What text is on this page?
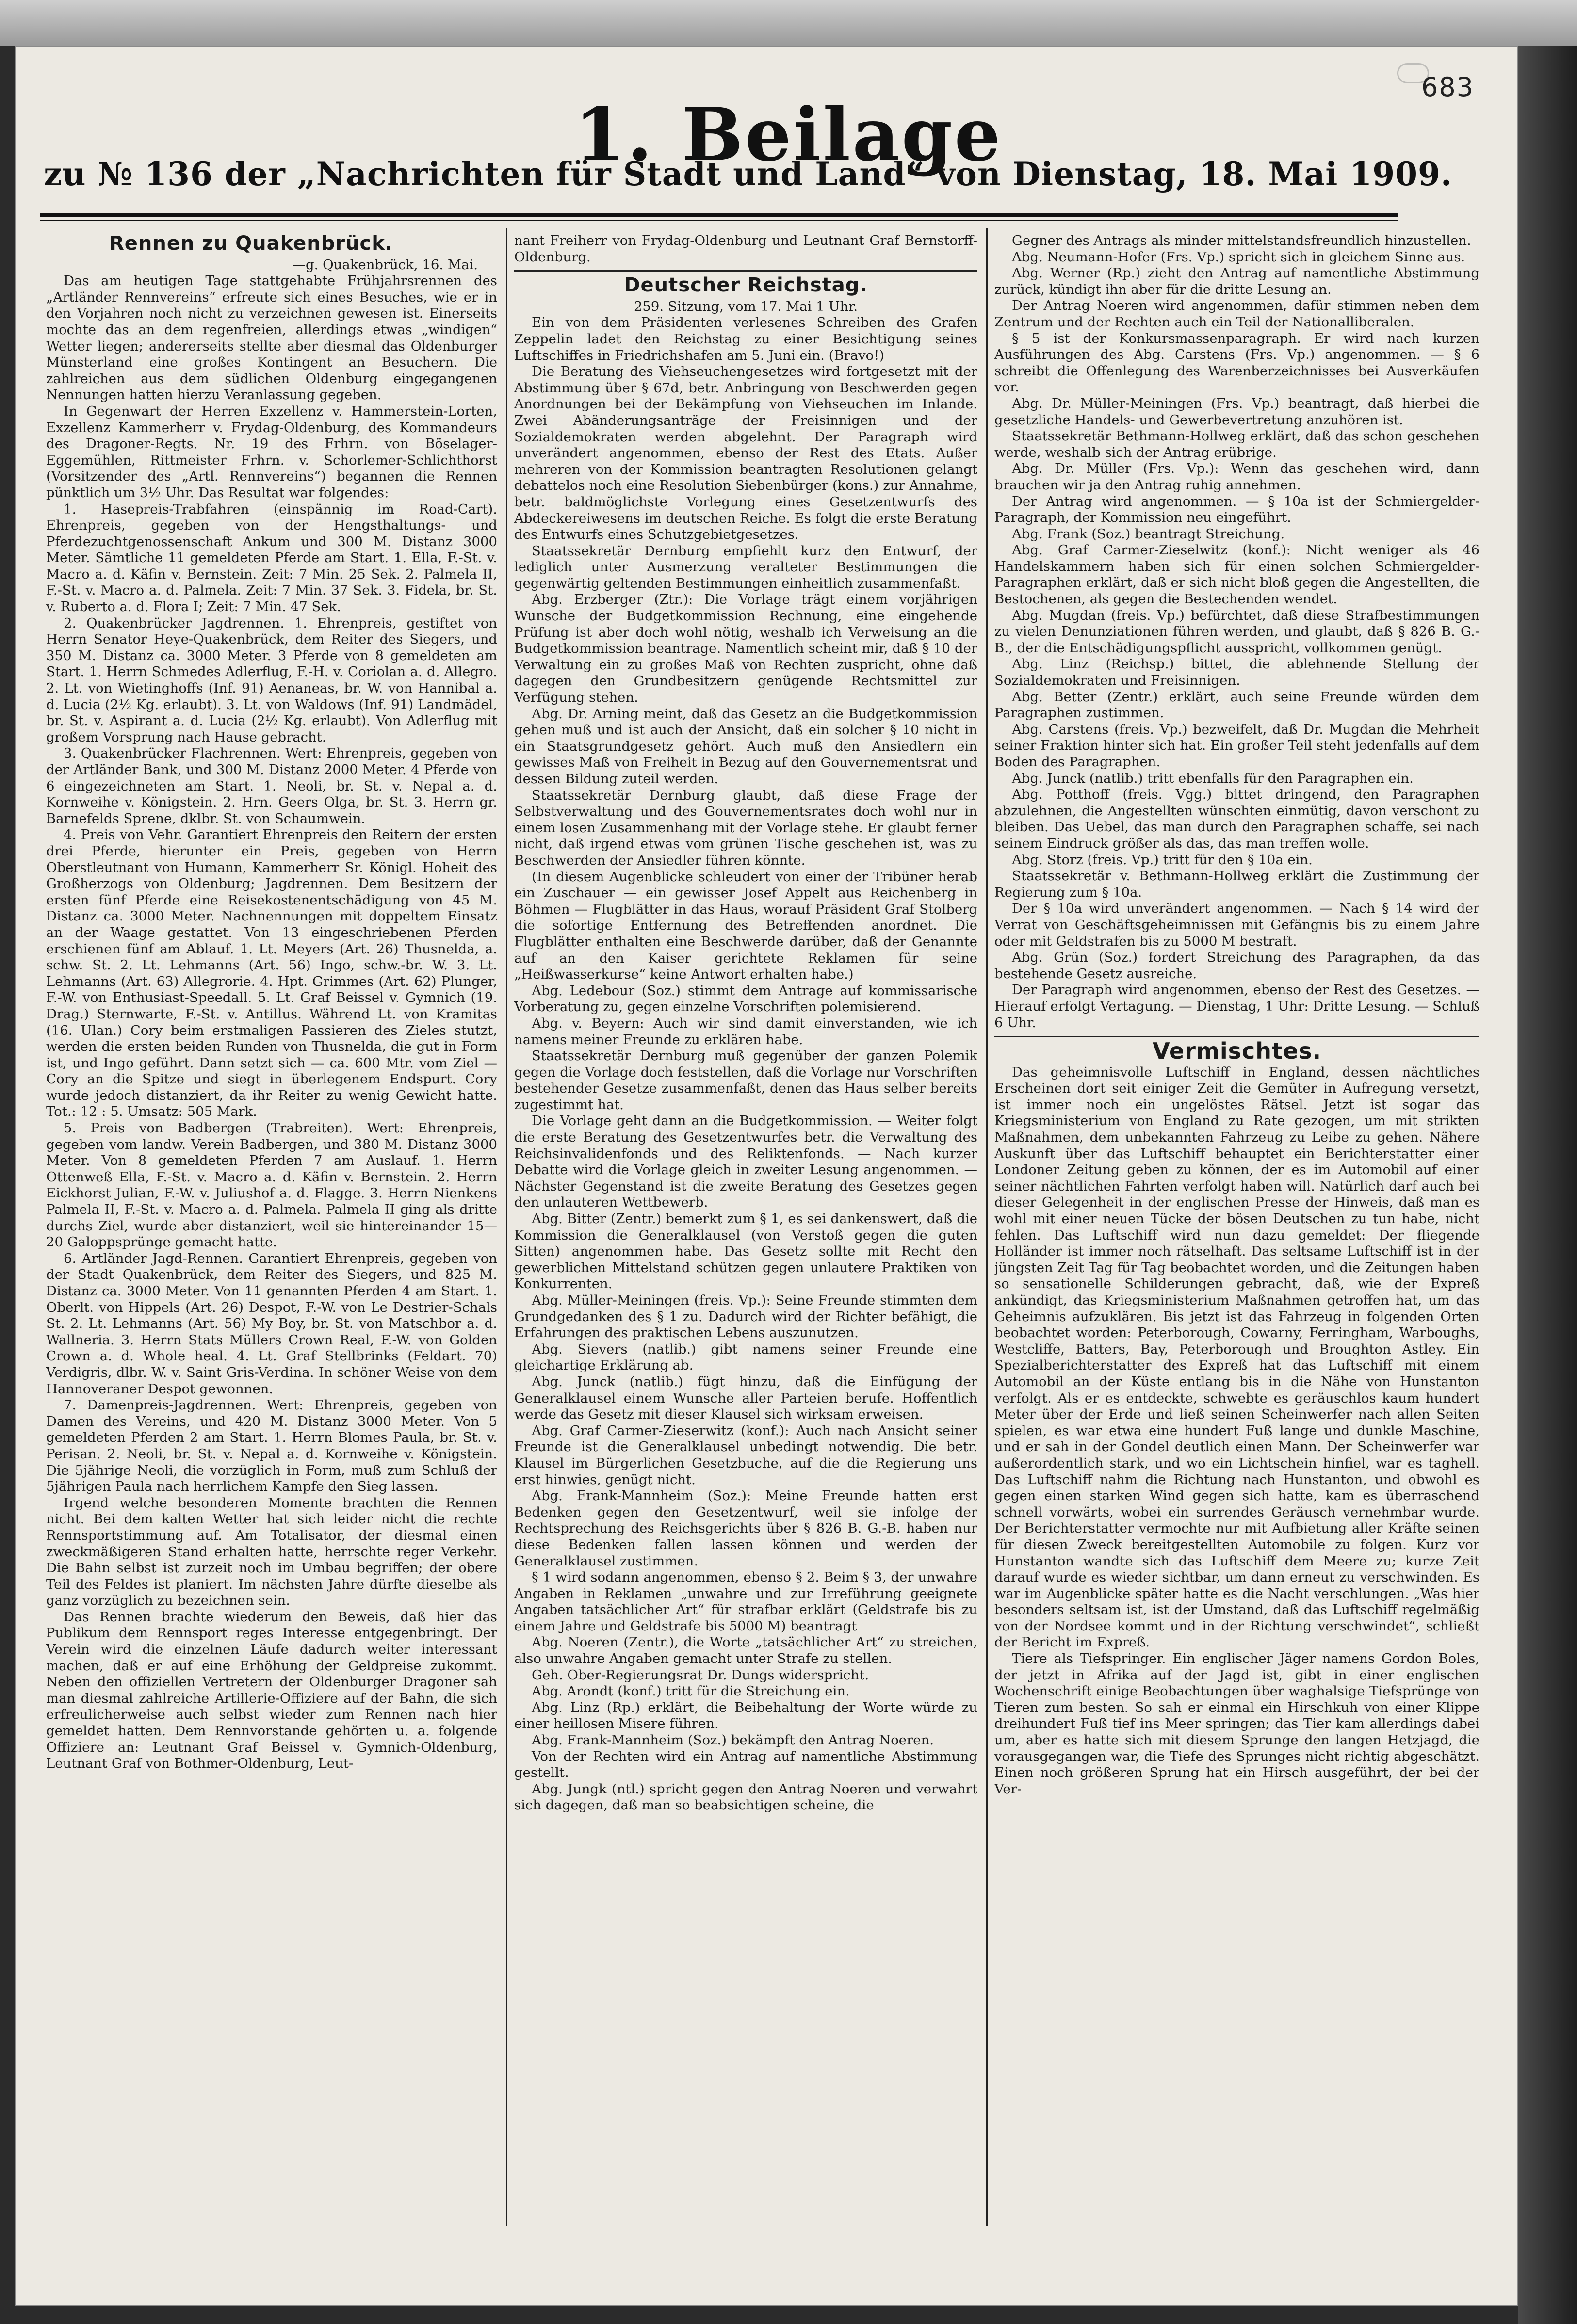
683
1. Beilage
zu № 136 der „Nachrichten für Stadt und Land“ von Dienstag, 18. Mai 1909.
Rennen zu Quakenbrück.

—g. Quakenbrück, 16. Mai.

Das am heutigen Tage stattgehabte Frühjahrsrennen des „Artländer Rennvereins“ erfreute sich eines Besuches, wie er in den Vorjahren noch nicht zu verzeichnen gewesen ist. Einerseits mochte das an dem regenfreien, allerdings etwas „windigen“ Wetter liegen; andererseits stellte aber diesmal das Oldenburger Münsterland eine großes Kontingent an Besuchern. Die zahlreichen aus dem südlichen Oldenburg eingegangenen Nennungen hatten hierzu Veranlassung gegeben.

In Gegenwart der Herren Exzellenz v. Hammerstein-Lorten, Exzellenz Kammerherr v. Frydag-Oldenburg, des Kommandeurs des Dragoner-Regts. Nr. 19 des Frhrn. von Böselager-Eggemühlen, Rittmeister Frhrn. v. Schorlemer-Schlichthorst (Vorsitzender des „Artl. Rennvereins“) begannen die Rennen pünktlich um 3½ Uhr. Das Resultat war folgendes:

1. Hasepreis-Trabfahren (einspännig im Road-Cart). Ehrenpreis, gegeben von der Hengsthaltungs- und Pferdezuchtgenossenschaft Ankum und 300 M. Distanz 3000 Meter. Sämtliche 11 gemeldeten Pferde am Start. 1. Ella, F.-St. v. Macro a. d. Käfin v. Bernstein. Zeit: 7 Min. 25 Sek. 2. Palmela II, F.-St. v. Macro a. d. Palmela. Zeit: 7 Min. 37 Sek. 3. Fidela, br. St. v. Ruberto a. d. Flora I; Zeit: 7 Min. 47 Sek.

2. Quakenbrücker Jagdrennen. 1. Ehrenpreis, gestiftet von Herrn Senator Heye-Quakenbrück, dem Reiter des Siegers, und 350 M. Distanz ca. 3000 Meter. 3 Pferde von 8 gemeldeten am Start. 1. Herrn Schmedes Adlerflug, F.-H. v. Coriolan a. d. Allegro. 2. Lt. von Wietinghoffs (Inf. 91) Aenaneas, br. W. von Hannibal a. d. Lucia (2½ Kg. erlaubt). 3. Lt. von Waldows (Inf. 91) Landmädel, br. St. v. Aspirant a. d. Lucia (2½ Kg. erlaubt). Von Adlerflug mit großem Vorsprung nach Hause gebracht.

3. Quakenbrücker Flachrennen. Wert: Ehrenpreis, gegeben von der Artländer Bank, und 300 M. Distanz 2000 Meter. 4 Pferde von 6 eingezeichneten am Start. 1. Neoli, br. St. v. Nepal a. d. Kornweihe v. Königstein. 2. Hrn. Geers Olga, br. St. 3. Herrn gr. Barnefelds Sprene, dklbr. St. von Schaumwein.

4. Preis von Vehr. Garantiert Ehrenpreis den Reitern der ersten drei Pferde, hierunter ein Preis, gegeben von Herrn Oberstleutnant von Humann, Kammerherr Sr. Königl. Hoheit des Großherzogs von Oldenburg; Jagdrennen. Dem Besitzern der ersten fünf Pferde eine Reisekostenentschädigung von 45 M. Distanz ca. 3000 Meter. Nachnennungen mit doppeltem Einsatz an der Waage gestattet. Von 13 eingeschriebenen Pferden erschienen fünf am Ablauf. 1. Lt. Meyers (Art. 26) Thusnelda, a. schw. St. 2. Lt. Lehmanns (Art. 56) Ingo, schw.-br. W. 3. Lt. Lehmanns (Art. 63) Allegrorie. 4. Hpt. Grimmes (Art. 62) Plunger, F.-W. von Enthusiast-Speedall. 5. Lt. Graf Beissel v. Gymnich (19. Drag.) Sternwarte, F.-St. v. Antillus. Während Lt. von Kramitas (16. Ulan.) Cory beim erstmaligen Passieren des Zieles stutzt, werden die ersten beiden Runden von Thusnelda, die gut in Form ist, und Ingo geführt. Dann setzt sich — ca. 600 Mtr. vom Ziel — Cory an die Spitze und siegt in überlegenem Endspurt. Cory wurde jedoch distanziert, da ihr Reiter zu wenig Gewicht hatte. Tot.: 12 : 5. Umsatz: 505 Mark.

5. Preis von Badbergen (Trabreiten). Wert: Ehrenpreis, gegeben vom landw. Verein Badbergen, und 380 M. Distanz 3000 Meter. Von 8 gemeldeten Pferden 7 am Auslauf. 1. Herrn Ottenweß Ella, F.-St. v. Macro a. d. Käfin v. Bernstein. 2. Herrn Eickhorst Julian, F.-W. v. Juliushof a. d. Flagge. 3. Herrn Nienkens Palmela II, F.-St. v. Macro a. d. Palmela. Palmela II ging als dritte durchs Ziel, wurde aber distanziert, weil sie hintereinander 15—20 Galoppsprünge gemacht hatte.

6. Artländer Jagd-Rennen. Garantiert Ehrenpreis, gegeben von der Stadt Quakenbrück, dem Reiter des Siegers, und 825 M. Distanz ca. 3000 Meter. Von 11 genannten Pferden 4 am Start. 1. Oberlt. von Hippels (Art. 26) Despot, F.-W. von Le Destrier-Schals St. 2. Lt. Lehmanns (Art. 56) My Boy, br. St. von Matschbor a. d. Wallneria. 3. Herrn Stats Müllers Crown Real, F.-W. von Golden Crown a. d. Whole heal. 4. Lt. Graf Stellbrinks (Feldart. 70) Verdigris, dlbr. W. v. Saint Gris-Verdina. In schöner Weise von dem Hannoveraner Despot gewonnen.

7. Damenpreis-Jagdrennen. Wert: Ehrenpreis, gegeben von Damen des Vereins, und 420 M. Distanz 3000 Meter. Von 5 gemeldeten Pferden 2 am Start. 1. Herrn Blomes Paula, br. St. v. Perisan. 2. Neoli, br. St. v. Nepal a. d. Kornweihe v. Königstein. Die 5jährige Neoli, die vorzüglich in Form, muß zum Schluß der 5jährigen Paula nach herrlichem Kampfe den Sieg lassen.

Irgend welche besonderen Momente brachten die Rennen nicht. Bei dem kalten Wetter hat sich leider nicht die rechte Rennsportstimmung auf. Am Totalisator, der diesmal einen zweckmäßigeren Stand erhalten hatte, herrschte reger Verkehr. Die Bahn selbst ist zurzeit noch im Umbau begriffen; der obere Teil des Feldes ist planiert. Im nächsten Jahre dürfte dieselbe als ganz vorzüglich zu bezeichnen sein.

Das Rennen brachte wiederum den Beweis, daß hier das Publikum dem Rennsport reges Interesse entgegenbringt. Der Verein wird die einzelnen Läufe dadurch weiter interessant machen, daß er auf eine Erhöhung der Geldpreise zukommt. Neben den offiziellen Vertretern der Oldenburger Dragoner sah man diesmal zahlreiche Artillerie-Offiziere auf der Bahn, die sich erfreulicherweise auch selbst wieder zum Rennen nach hier gemeldet hatten. Dem Rennvorstande gehörten u. a. folgende Offiziere an: Leutnant Graf Beissel v. Gymnich-Oldenburg, Leutnant Graf von Bothmer-Oldenburg, Leut-

nant Freiherr von Frydag-Oldenburg und Leutnant Graf Bernstorff-Oldenburg.

Deutscher Reichstag.

259. Sitzung, vom 17. Mai 1 Uhr.

Ein von dem Präsidenten verlesenes Schreiben des Grafen Zeppelin ladet den Reichstag zu einer Besichtigung seines Luftschiffes in Friedrichshafen am 5. Juni ein. (Bravo!)

Die Beratung des Viehseuchengesetzes wird fortgesetzt mit der Abstimmung über § 67d, betr. Anbringung von Beschwerden gegen Anordnungen bei der Bekämpfung von Viehseuchen im Inlande. Zwei Abänderungsanträge der Freisinnigen und der Sozialdemokraten werden abgelehnt. Der Paragraph wird unverändert angenommen, ebenso der Rest des Etats. Außer mehreren von der Kommission beantragten Resolutionen gelangt debattelos noch eine Resolution Siebenbürger (kons.) zur Annahme, betr. baldmöglichste Vorlegung eines Gesetzentwurfs des Abdeckereiwesens im deutschen Reiche. Es folgt die erste Beratung des Entwurfs eines Schutzgebietgesetzes.

Staatssekretär Dernburg empfiehlt kurz den Entwurf, der lediglich unter Ausmerzung veralteter Bestimmungen die gegenwärtig geltenden Bestimmungen einheitlich zusammenfaßt.

Abg. Erzberger (Ztr.): Die Vorlage trägt einem vorjährigen Wunsche der Budgetkommission Rechnung, eine eingehende Prüfung ist aber doch wohl nötig, weshalb ich Verweisung an die Budgetkommission beantrage. Namentlich scheint mir, daß § 10 der Verwaltung ein zu großes Maß von Rechten zuspricht, ohne daß dagegen den Grundbesitzern genügende Rechtsmittel zur Verfügung stehen.

Abg. Dr. Arning meint, daß das Gesetz an die Budgetkommission gehen muß und ist auch der Ansicht, daß ein solcher § 10 nicht in ein Staatsgrundgesetz gehört. Auch muß den Ansiedlern ein gewisses Maß von Freiheit in Bezug auf den Gouvernementsrat und dessen Bildung zuteil werden.

Staatssekretär Dernburg glaubt, daß diese Frage der Selbstverwaltung und des Gouvernementsrates doch wohl nur in einem losen Zusammenhang mit der Vorlage stehe. Er glaubt ferner nicht, daß irgend etwas vom grünen Tische geschehen ist, was zu Beschwerden der Ansiedler führen könnte.

(In diesem Augenblicke schleudert von einer der Tribüner herab ein Zuschauer — ein gewisser Josef Appelt aus Reichenberg in Böhmen — Flugblätter in das Haus, worauf Präsident Graf Stolberg die sofortige Entfernung des Betreffenden anordnet. Die Flugblätter enthalten eine Beschwerde darüber, daß der Genannte auf an den Kaiser gerichtete Reklamen für seine „Heißwasserkurse“ keine Antwort erhalten habe.)

Abg. Ledebour (Soz.) stimmt dem Antrage auf kommissarische Vorberatung zu, gegen einzelne Vorschriften polemisierend.

Abg. v. Beyern: Auch wir sind damit einverstanden, wie ich namens meiner Freunde zu erklären habe.

Staatssekretär Dernburg muß gegenüber der ganzen Polemik gegen die Vorlage doch feststellen, daß die Vorlage nur Vorschriften bestehender Gesetze zusammenfaßt, denen das Haus selber bereits zugestimmt hat.

Die Vorlage geht dann an die Budgetkommission. — Weiter folgt die erste Beratung des Gesetzentwurfes betr. die Verwaltung des Reichsinvalidenfonds und des Reliktenfonds. — Nach kurzer Debatte wird die Vorlage gleich in zweiter Lesung angenommen. — Nächster Gegenstand ist die zweite Beratung des Gesetzes gegen den unlauteren Wettbewerb.

Abg. Bitter (Zentr.) bemerkt zum § 1, es sei dankenswert, daß die Kommission die Generalklausel (von Verstoß gegen die guten Sitten) angenommen habe. Das Gesetz sollte mit Recht den gewerblichen Mittelstand schützen gegen unlautere Praktiken von Konkurrenten.

Abg. Müller-Meiningen (freis. Vp.): Seine Freunde stimmten dem Grundgedanken des § 1 zu. Dadurch wird der Richter befähigt, die Erfahrungen des praktischen Lebens auszunutzen.

Abg. Sievers (natlib.) gibt namens seiner Freunde eine gleichartige Erklärung ab.

Abg. Junck (natlib.) fügt hinzu, daß die Einfügung der Generalklausel einem Wunsche aller Parteien berufe. Hoffentlich werde das Gesetz mit dieser Klausel sich wirksam erweisen.

Abg. Graf Carmer-Zieserwitz (konf.): Auch nach Ansicht seiner Freunde ist die Generalklausel unbedingt notwendig. Die betr. Klausel im Bürgerlichen Gesetzbuche, auf die die Regierung uns erst hinwies, genügt nicht.

Abg. Frank-Mannheim (Soz.): Meine Freunde hatten erst Bedenken gegen den Gesetzentwurf, weil sie infolge der Rechtsprechung des Reichsgerichts über § 826 B. G.-B. haben nur diese Bedenken fallen lassen können und werden der Generalklausel zustimmen.

§ 1 wird sodann angenommen, ebenso § 2. Beim § 3, der unwahre Angaben in Reklamen „unwahre und zur Irreführung geeignete Angaben tatsächlicher Art“ für strafbar erklärt (Geldstrafe bis zu einem Jahre und Geldstrafe bis 5000 M) beantragt

Abg. Noeren (Zentr.), die Worte „tatsächlicher Art“ zu streichen, also unwahre Angaben gemacht unter Strafe zu stellen.

Geh. Ober-Regierungsrat Dr. Dungs widerspricht.

Abg. Arondt (konf.) tritt für die Streichung ein.

Abg. Linz (Rp.) erklärt, die Beibehaltung der Worte würde zu einer heillosen Misere führen.

Abg. Frank-Mannheim (Soz.) bekämpft den Antrag Noeren.

Von der Rechten wird ein Antrag auf namentliche Abstimmung gestellt.

Abg. Jungk (ntl.) spricht gegen den Antrag Noeren und verwahrt sich dagegen, daß man so beabsichtigen scheine, die

Gegner des Antrags als minder mittelstandsfreundlich hinzustellen.

Abg. Neumann-Hofer (Frs. Vp.) spricht sich in gleichem Sinne aus.

Abg. Werner (Rp.) zieht den Antrag auf namentliche Abstimmung zurück, kündigt ihn aber für die dritte Lesung an.

Der Antrag Noeren wird angenommen, dafür stimmen neben dem Zentrum und der Rechten auch ein Teil der Nationalliberalen.

§ 5 ist der Konkursmassenparagraph. Er wird nach kurzen Ausführungen des Abg. Carstens (Frs. Vp.) angenommen. — § 6 schreibt die Offenlegung des Warenberzeichnisses bei Ausverkäufen vor.

Abg. Dr. Müller-Meiningen (Frs. Vp.) beantragt, daß hierbei die gesetzliche Handels- und Gewerbevertretung anzuhören ist.

Staatssekretär Bethmann-Hollweg erklärt, daß das schon geschehen werde, weshalb sich der Antrag erübrige.

Abg. Dr. Müller (Frs. Vp.): Wenn das geschehen wird, dann brauchen wir ja den Antrag ruhig annehmen.

Der Antrag wird angenommen. — § 10a ist der Schmiergelder-Paragraph, der Kommission neu eingeführt.

Abg. Frank (Soz.) beantragt Streichung.

Abg. Graf Carmer-Zieselwitz (konf.): Nicht weniger als 46 Handelskammern haben sich für einen solchen Schmiergelder-Paragraphen erklärt, daß er sich nicht bloß gegen die Angestellten, die Bestochenen, als gegen die Bestechenden wendet.

Abg. Mugdan (freis. Vp.) befürchtet, daß diese Strafbestimmungen zu vielen Denunziationen führen werden, und glaubt, daß § 826 B. G.-B., der die Entschädigungspflicht ausspricht, vollkommen genügt.

Abg. Linz (Reichsp.) bittet, die ablehnende Stellung der Sozialdemokraten und Freisinnigen.

Abg. Better (Zentr.) erklärt, auch seine Freunde würden dem Paragraphen zustimmen.

Abg. Carstens (freis. Vp.) bezweifelt, daß Dr. Mugdan die Mehrheit seiner Fraktion hinter sich hat. Ein großer Teil steht jedenfalls auf dem Boden des Paragraphen.

Abg. Junck (natlib.) tritt ebenfalls für den Paragraphen ein.

Abg. Potthoff (freis. Vgg.) bittet dringend, den Paragraphen abzulehnen, die Angestellten wünschten einmütig, davon verschont zu bleiben. Das Uebel, das man durch den Paragraphen schaffe, sei nach seinem Eindruck größer als das, das man treffen wolle.

Abg. Storz (freis. Vp.) tritt für den § 10a ein.

Staatssekretär v. Bethmann-Hollweg erklärt die Zustimmung der Regierung zum § 10a.

Der § 10a wird unverändert angenommen. — Nach § 14 wird der Verrat von Geschäftsgeheimnissen mit Gefängnis bis zu einem Jahre oder mit Geldstrafen bis zu 5000 M bestraft.

Abg. Grün (Soz.) fordert Streichung des Paragraphen, da das bestehende Gesetz ausreiche.

Der Paragraph wird angenommen, ebenso der Rest des Gesetzes. — Hierauf erfolgt Vertagung. — Dienstag, 1 Uhr: Dritte Lesung. — Schluß 6 Uhr.

Vermischtes.

Das geheimnisvolle Luftschiff in England, dessen nächtliches Erscheinen dort seit einiger Zeit die Gemüter in Aufregung versetzt, ist immer noch ein ungelöstes Rätsel. Jetzt ist sogar das Kriegsministerium von England zu Rate gezogen, um mit strikten Maßnahmen, dem unbekannten Fahrzeug zu Leibe zu gehen. Nähere Auskunft über das Luftschiff behauptet ein Berichterstatter einer Londoner Zeitung geben zu können, der es im Automobil auf einer seiner nächtlichen Fahrten verfolgt haben will. Natürlich darf auch bei dieser Gelegenheit in der englischen Presse der Hinweis, daß man es wohl mit einer neuen Tücke der bösen Deutschen zu tun habe, nicht fehlen. Das Luftschiff wird nun dazu gemeldet: Der fliegende Holländer ist immer noch rätselhaft. Das seltsame Luftschiff ist in der jüngsten Zeit Tag für Tag beobachtet worden, und die Zeitungen haben so sensationelle Schilderungen gebracht, daß, wie der Expreß ankündigt, das Kriegsministerium Maßnahmen getroffen hat, um das Geheimnis aufzuklären. Bis jetzt ist das Fahrzeug in folgenden Orten beobachtet worden: Peterborough, Cowarny, Ferringham, Warboughs, Westcliffe, Batters, Bay, Peterborough und Broughton Astley. Ein Spezialberichterstatter des Expreß hat das Luftschiff mit einem Automobil an der Küste entlang bis in die Nähe von Hunstanton verfolgt. Als er es entdeckte, schwebte es geräuschlos kaum hundert Meter über der Erde und ließ seinen Scheinwerfer nach allen Seiten spielen, es war etwa eine hundert Fuß lange und dunkle Maschine, und er sah in der Gondel deutlich einen Mann. Der Scheinwerfer war außerordentlich stark, und wo ein Lichtschein hinfiel, war es taghell. Das Luftschiff nahm die Richtung nach Hunstanton, und obwohl es gegen einen starken Wind gegen sich hatte, kam es überraschend schnell vorwärts, wobei ein surrendes Geräusch vernehmbar wurde. Der Berichterstatter vermochte nur mit Aufbietung aller Kräfte seinen für diesen Zweck bereitgestellten Automobile zu folgen. Kurz vor Hunstanton wandte sich das Luftschiff dem Meere zu; kurze Zeit darauf wurde es wieder sichtbar, um dann erneut zu verschwinden. Es war im Augenblicke später hatte es die Nacht verschlungen. „Was hier besonders seltsam ist, ist der Umstand, daß das Luftschiff regelmäßig von der Nordsee kommt und in der Richtung verschwindet“, schließt der Bericht im Expreß.

Tiere als Tiefspringer. Ein englischer Jäger namens Gordon Boles, der jetzt in Afrika auf der Jagd ist, gibt in einer englischen Wochenschrift einige Beobachtungen über waghalsige Tiefsprünge von Tieren zum besten. So sah er einmal ein Hirschkuh von einer Klippe dreihundert Fuß tief ins Meer springen; das Tier kam allerdings dabei um, aber es hatte sich mit diesem Sprunge den langen Hetzjagd, die vorausgegangen war, die Tiefe des Sprunges nicht richtig abgeschätzt. Einen noch größeren Sprung hat ein Hirsch ausgeführt, der bei der Ver-
